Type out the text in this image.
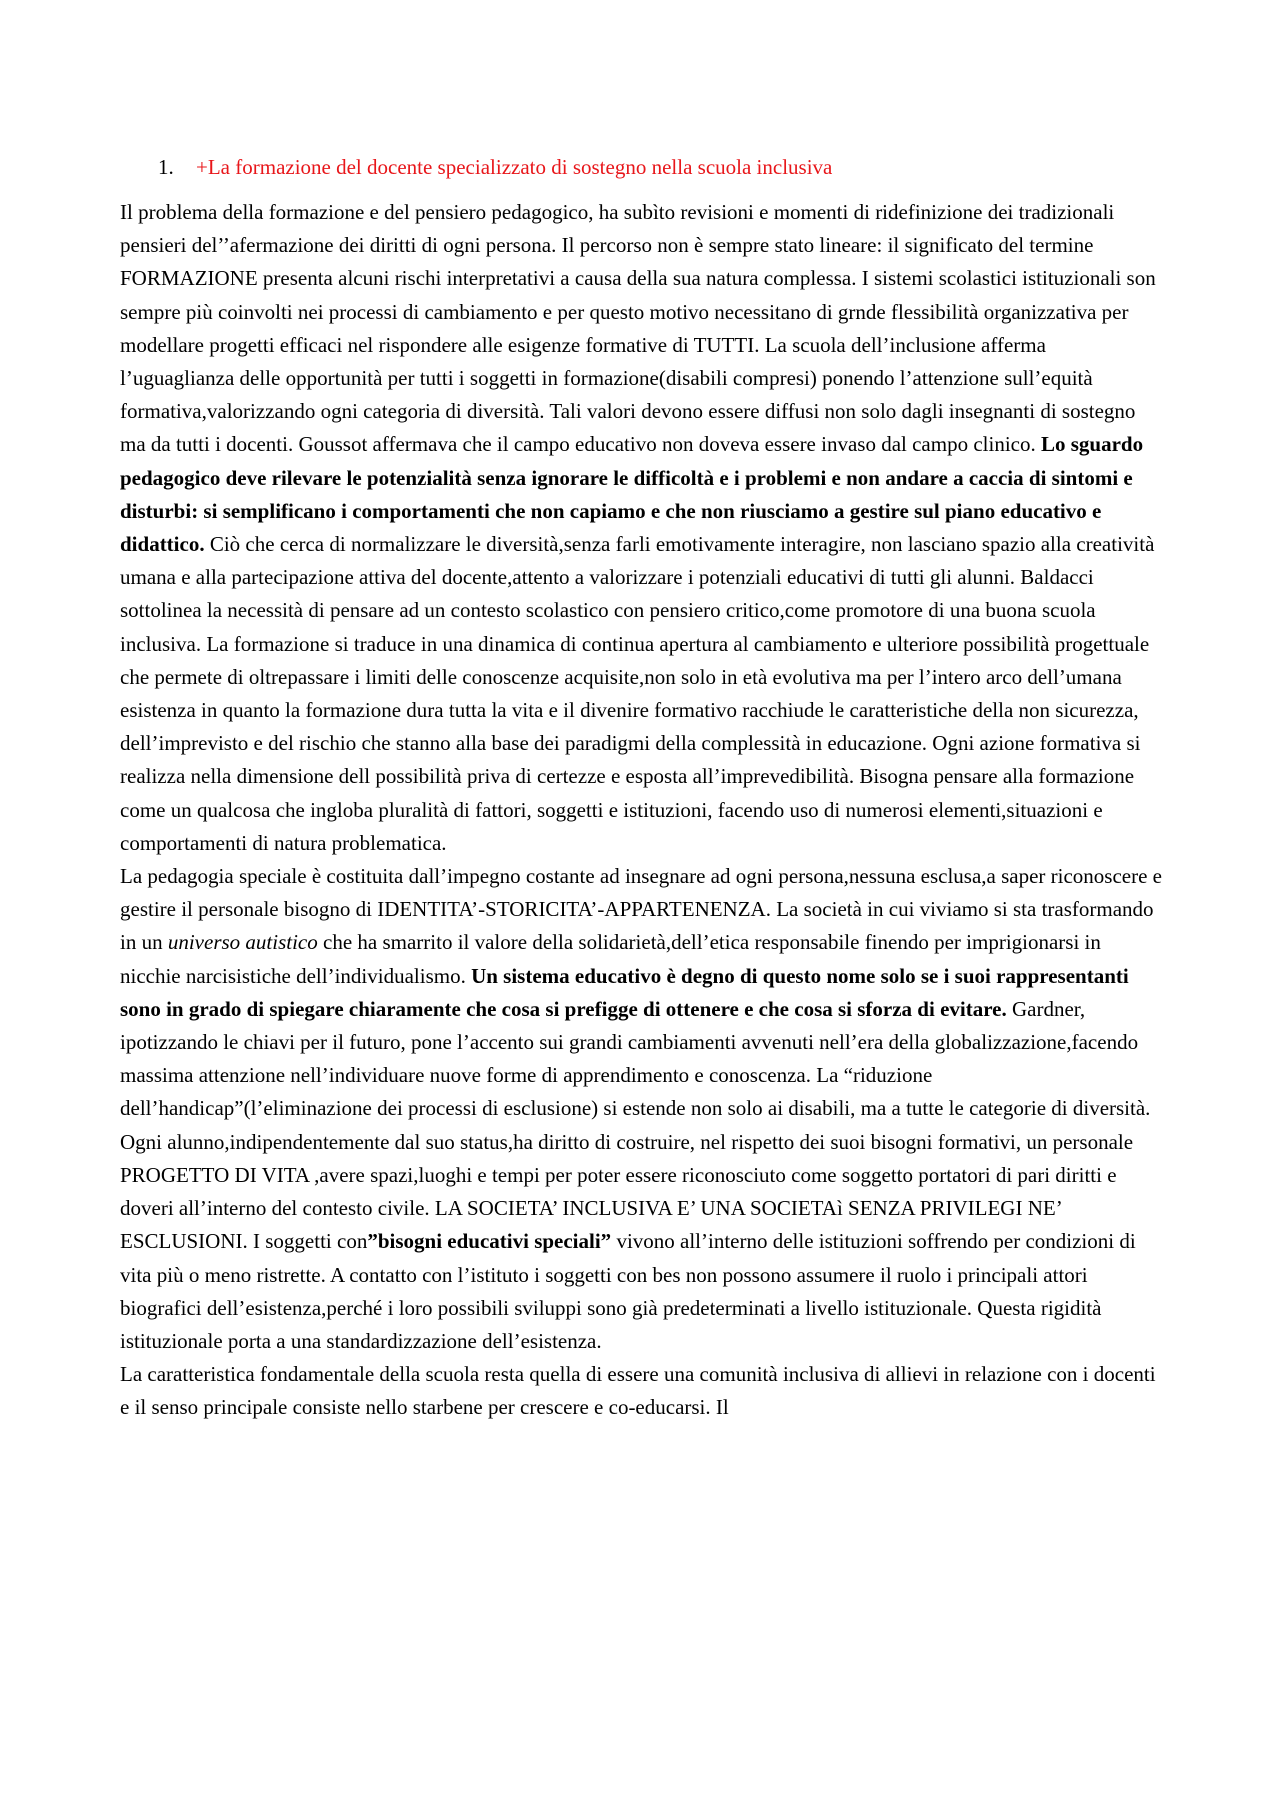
1.	+La formazione del docente specializzato di sostegno nella scuola inclusiva

Il problema della formazione e del pensiero pedagogico, ha subìto revisioni e momenti di ridefinizione dei tradizionali pensieri del’’afermazione dei diritti di ogni persona. Il percorso non è sempre stato lineare: il significato del termine FORMAZIONE presenta alcuni rischi interpretativi a causa della sua natura complessa. I sistemi scolastici istituzionali son sempre più coinvolti nei processi di cambiamento e per questo motivo necessitano di grnde flessibilità organizzativa per modellare progetti efficaci nel rispondere alle esigenze formative di TUTTI. La scuola dell’inclusione afferma l’uguaglianza delle opportunità per tutti i soggetti in formazione(disabili compresi) ponendo l’attenzione sull’equità formativa,valorizzando ogni categoria di diversità. Tali valori devono essere diffusi non solo dagli insegnanti di sostegno ma da tutti i docenti. Goussot affermava che il campo educativo non doveva essere invaso dal campo clinico. Lo sguardo pedagogico deve rilevare le potenzialità senza ignorare le difficoltà e i problemi e non andare a caccia di sintomi e disturbi: si semplificano i comportamenti che non capiamo e che non riusciamo a gestire sul piano educativo e didattico. Ciò che cerca di normalizzare le diversità,senza farli emotivamente interagire, non lasciano spazio alla creatività umana e alla partecipazione attiva del docente,attento a valorizzare i potenziali educativi di tutti gli alunni. Baldacci sottolinea la necessità di pensare ad un contesto scolastico con pensiero critico,come promotore di una buona scuola inclusiva. La formazione si traduce in una dinamica di continua apertura al cambiamento e ulteriore possibilità progettuale che permete di oltrepassare i limiti delle conoscenze acquisite,non solo in età evolutiva ma per l’intero arco dell’umana esistenza in quanto la formazione dura tutta la vita e il divenire formativo racchiude le caratteristiche della non sicurezza, dell’imprevisto e del rischio che stanno alla base dei paradigmi della complessità in educazione. Ogni azione formativa si realizza nella dimensione dell possibilità priva di certezze e esposta all’imprevedibilità. Bisogna pensare alla formazione come un qualcosa che ingloba pluralità di fattori, soggetti e istituzioni, facendo uso di numerosi elementi,situazioni e comportamenti di natura problematica.

La pedagogia speciale è costituita dall’impegno costante ad insegnare ad ogni persona,nessuna esclusa,a saper riconoscere e gestire il personale bisogno di IDENTITA’-STORICITA’-APPARTENENZA. La società in cui viviamo si sta trasformando in un universo autistico che ha smarrito il valore della solidarietà,dell’etica responsabile finendo per imprigionarsi in nicchie narcisistiche dell’individualismo. Un sistema educativo è degno di questo nome solo se i suoi rappresentanti sono in grado di spiegare chiaramente che cosa si prefigge di ottenere e che cosa si sforza di evitare. Gardner, ipotizzando le chiavi per il futuro, pone l’accento sui grandi cambiamenti avvenuti nell’era della globalizzazione,facendo massima attenzione nell’individuare nuove forme di apprendimento e conoscenza. La “riduzione dell’handicap”(l’eliminazione dei processi di esclusione) si estende non solo ai disabili, ma a tutte le categorie di diversità. Ogni alunno,indipendentemente dal suo status,ha diritto di costruire, nel rispetto dei suoi bisogni formativi, un personale PROGETTO DI VITA ,avere spazi,luoghi e tempi per poter essere riconosciuto come soggetto portatori di pari diritti e doveri all’interno del contesto civile. LA SOCIETA’ INCLUSIVA E’ UNA SOCIETAì SENZA PRIVILEGI NE’ ESCLUSIONI. I soggetti con”bisogni educativi speciali” vivono all’interno delle istituzioni soffrendo per condizioni di vita più o meno ristrette. A contatto con l’istituto i soggetti con bes non possono assumere il ruolo i principali attori biografici dell’esistenza,perché i loro possibili sviluppi sono già predeterminati a livello istituzionale. Questa rigidità istituzionale porta a una standardizzazione dell’esistenza.

La caratteristica fondamentale della scuola resta quella di essere una comunità inclusiva di allievi in relazione con i docenti e il senso principale consiste nello starbene per crescere e co-educarsi. Il
